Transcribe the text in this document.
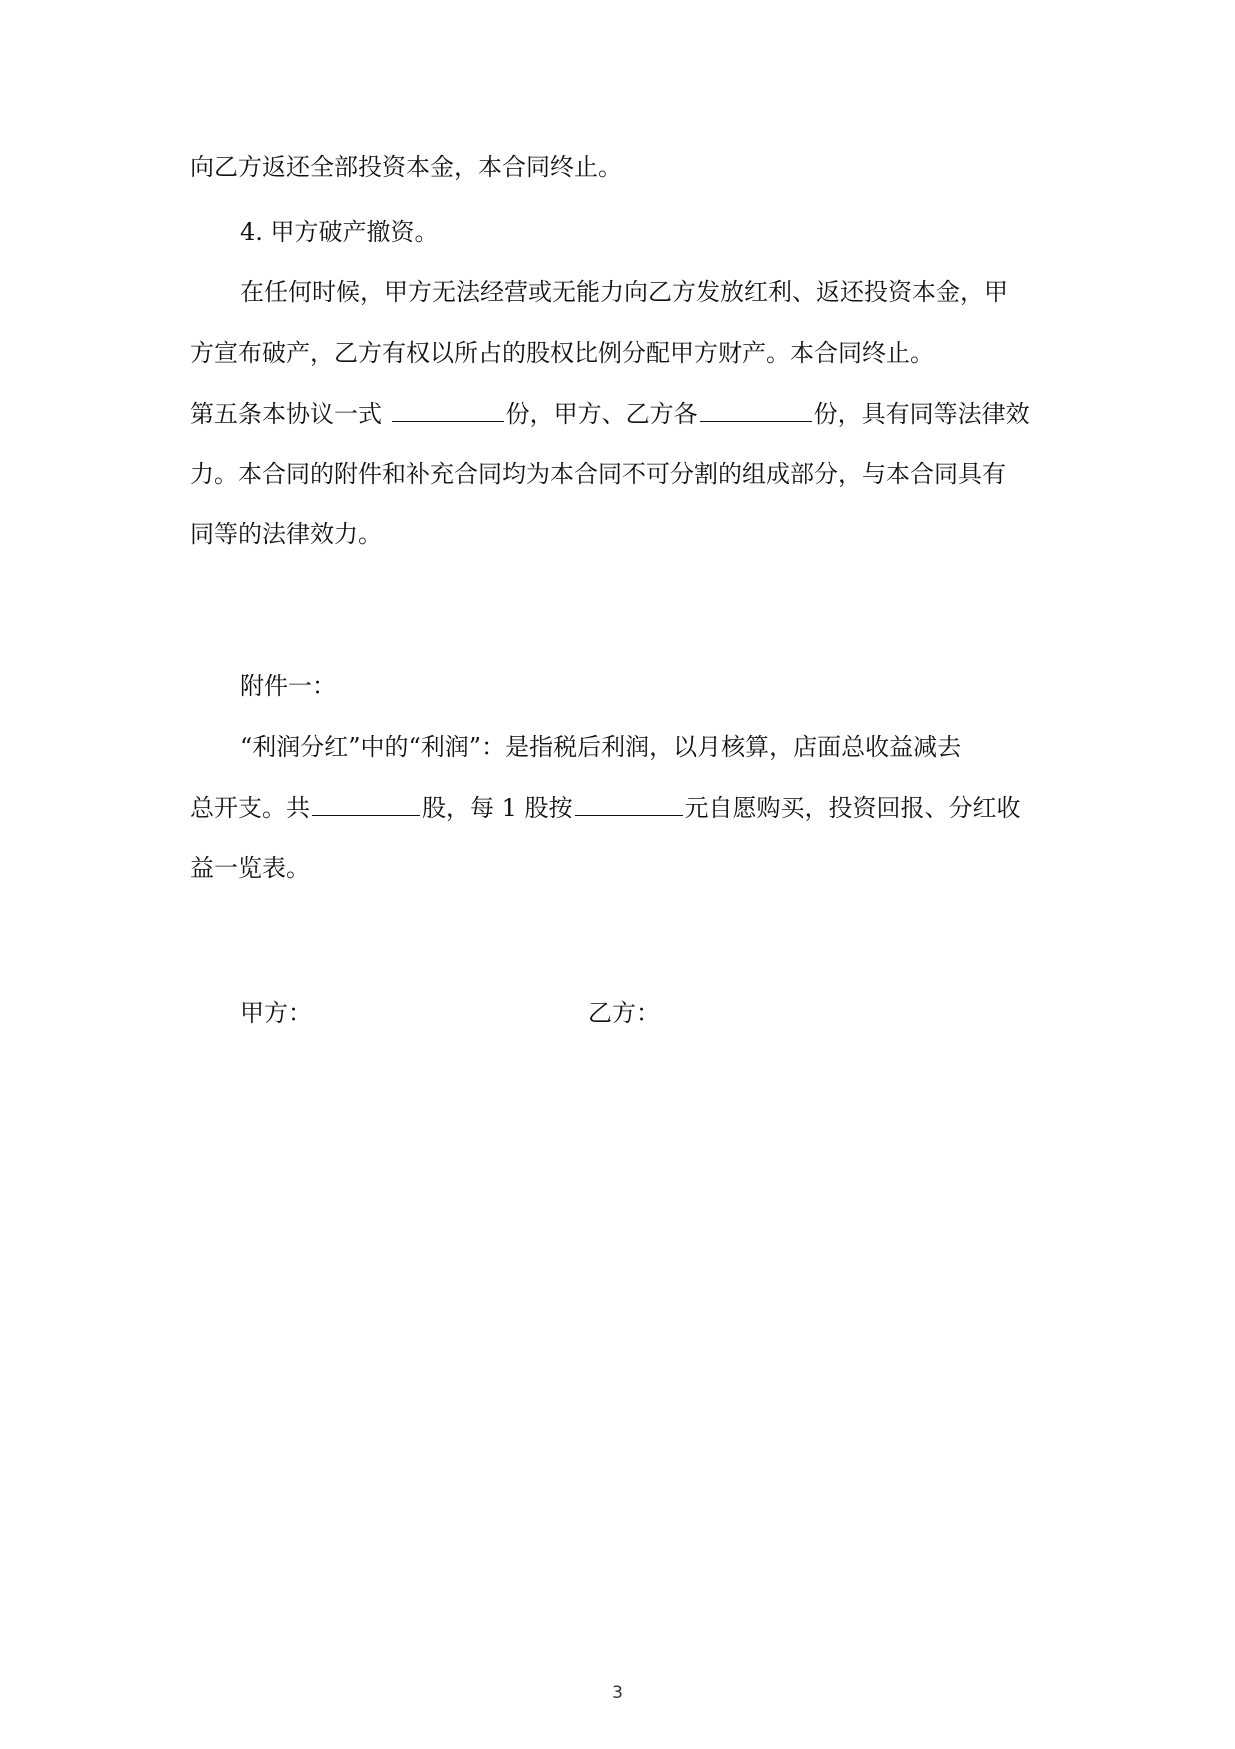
向乙方返还全部投资本金，本合同终止。
4. 甲方破产撤资。
在任何时候，甲方无法经营或无能力向乙方发放红利、返还投资本金，甲
方宣布破产，乙方有权以所占的股权比例分配甲方财产。本合同终止。
第五条本协议一式	份，甲方、乙方各	份，具有同等法律效
力。本合同的附件和补充合同均为本合同不可分割的组成部分，与本合同具有
同等的法律效力。
附件一：
“利润分红”中的“利润”：是指税后利润，以月核算，店面总收益减去
总开支。共	股，每 1 股按	元自愿购买，投资回报、分红收
益一览表。
甲方：	乙方：
3
